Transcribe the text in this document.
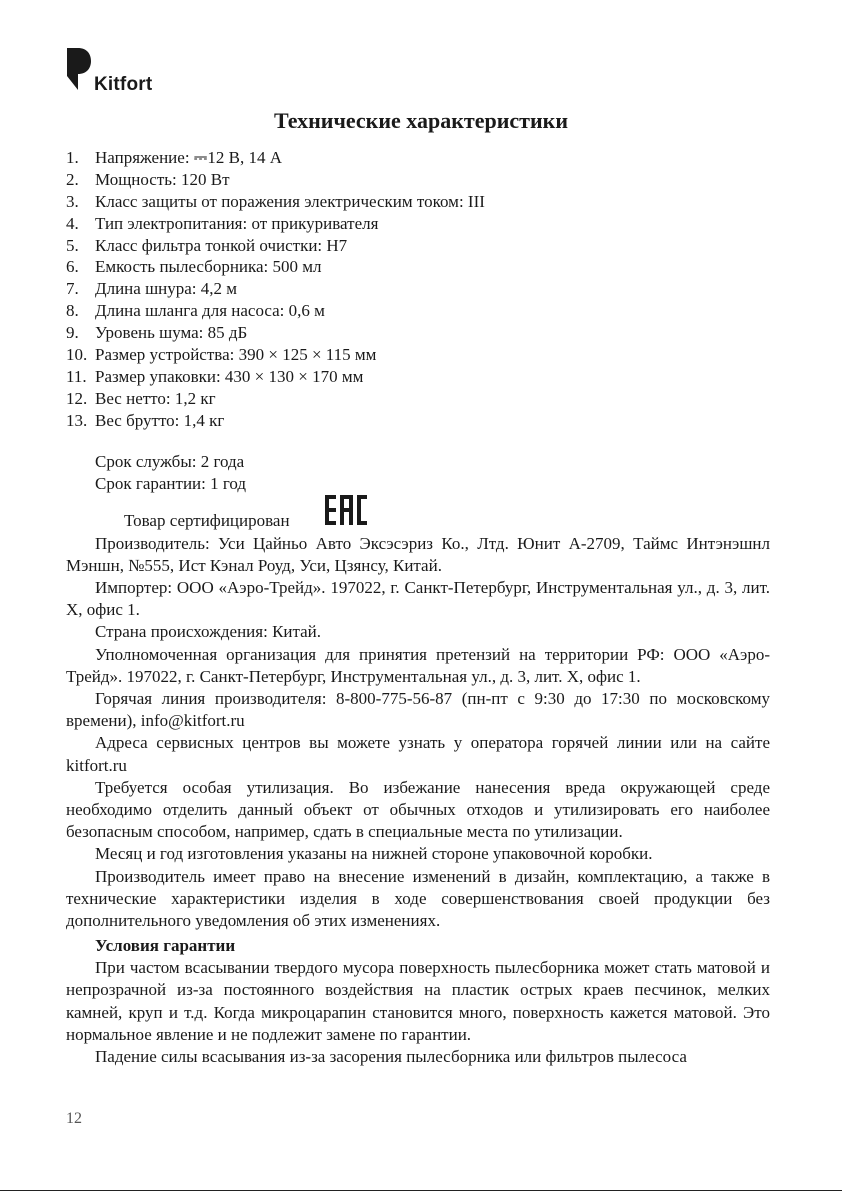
Kitfort
Технические характеристики
1. Напряжение: ⎓12 В, 14 А
2. Мощность: 120 Вт
3. Класс защиты от поражения электрическим током: III
4. Тип электропитания: от прикуривателя
5. Класс фильтра тонкой очистки: H7
6. Емкость пылесборника: 500 мл
7. Длина шнура: 4,2 м
8. Длина шланга для насоса: 0,6 м
9. Уровень шума: 85 дБ
10. Размер устройства: 390 × 125 × 115 мм
11. Размер упаковки: 430 × 130 × 170 мм
12. Вес нетто: 1,2 кг
13. Вес брутто: 1,4 кг

Срок службы: 2 года

Срок гарантии: 1 год

Товар сертифицирован

Производитель: Уси Цайньо Авто Эксэсэриз Ко., Лтд. Юнит А-2709, Таймс Интэнэшнл Мэншн, №555, Ист Кэнал Роуд, Уси, Цзянсу, Китай.

Импортер: ООО «Аэро-Трейд». 197022, г. Санкт-Петербург, Инструментальная ул., д. 3, лит. Х, офис 1.

Страна происхождения: Китай.

Уполномоченная организация для принятия претензий на территории РФ: ООО «Аэро-Трейд». 197022, г. Санкт-Петербург, Инструментальная ул., д. 3, лит. Х, офис 1.

Горячая линия производителя: 8-800-775-56-87 (пн-пт с 9:30 до 17:30 по московскому времени), info@kitfort.ru

Адреса сервисных центров вы можете узнать у оператора горячей линии или на сайте kitfort.ru

Требуется особая утилизация. Во избежание нанесения вреда окружающей среде необходимо отделить данный объект от обычных отходов и утилизировать его наиболее безопасным способом, например, сдать в специальные места по утилизации.

Месяц и год изготовления указаны на нижней стороне упаковочной коробки.

Производитель имеет право на внесение изменений в дизайн, комплектацию, а также в технические характеристики изделия в ходе совершенствования своей продукции без дополнительного уведомления об этих изменениях.

Условия гарантии

При частом всасывании твердого мусора поверхность пылесборника может стать матовой и непрозрачной из-за постоянного воздействия на пластик острых краев песчинок, мелких камней, круп и т.д. Когда микроцарапин становится много, поверхность кажется матовой. Это нормальное явление и не подлежит замене по гарантии.

Падение силы всасывания из-за засорения пылесборника или фильтров пылесоса

12
